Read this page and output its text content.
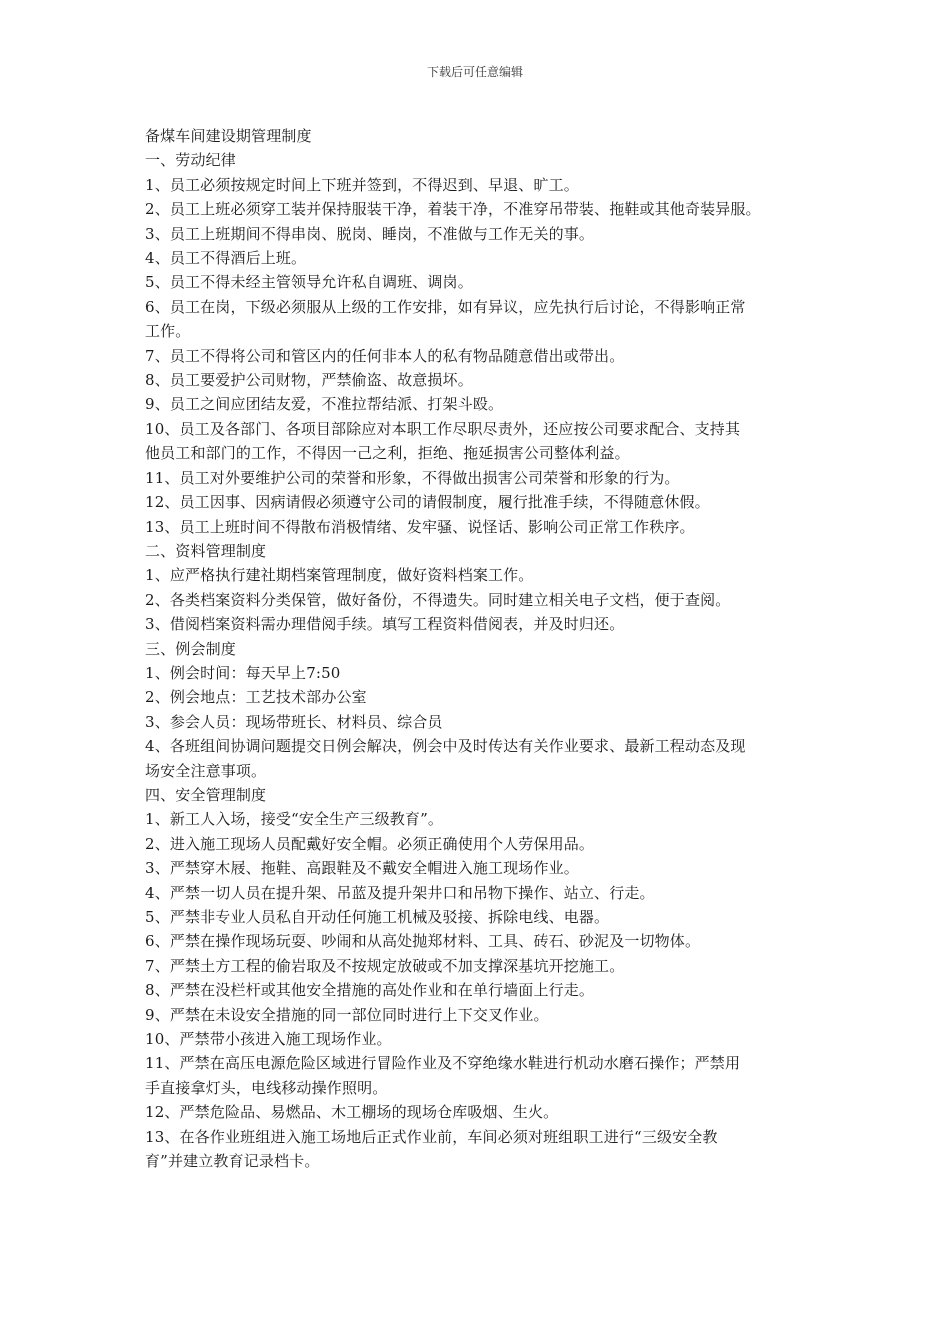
下载后可任意编辑
备煤车间建设期管理制度
一、劳动纪律
1、员工必须按规定时间上下班并签到，不得迟到、早退、旷工。
2、员工上班必须穿工装并保持服装干净，着装干净，不准穿吊带装、拖鞋或其他奇装异服。
3、员工上班期间不得串岗、脱岗、睡岗，不准做与工作无关的事。
4、员工不得酒后上班。
5、员工不得未经主管领导允许私自调班、调岗。
6、员工在岗，下级必须服从上级的工作安排，如有异议，应先执行后讨论，不得影响正常
工作。
7、员工不得将公司和管区内的任何非本人的私有物品随意借出或带出。
8、员工要爱护公司财物，严禁偷盗、故意损坏。
9、员工之间应团结友爱，不准拉帮结派、打架斗殴。
10、员工及各部门、各项目部除应对本职工作尽职尽责外，还应按公司要求配合、支持其
他员工和部门的工作，不得因一己之利，拒绝、拖延损害公司整体利益。
11、员工对外要维护公司的荣誉和形象，不得做出损害公司荣誉和形象的行为。
12、员工因事、因病请假必须遵守公司的请假制度，履行批准手续，不得随意休假。
13、员工上班时间不得散布消极情绪、发牢骚、说怪话、影响公司正常工作秩序。
二、资料管理制度
1、应严格执行建社期档案管理制度，做好资料档案工作。
2、各类档案资料分类保管，做好备份，不得遗失。同时建立相关电子文档，便于查阅。
3、借阅档案资料需办理借阅手续。填写工程资料借阅表，并及时归还。
三、例会制度
1、例会时间：每天早上7:50
2、例会地点：工艺技术部办公室
3、参会人员：现场带班长、材料员、综合员
4、各班组间协调问题提交日例会解决，例会中及时传达有关作业要求、最新工程动态及现
场安全注意事项。
四、安全管理制度
1、新工人入场，接受“安全生产三级教育”。
2、进入施工现场人员配戴好安全帽。必须正确使用个人劳保用品。
3、严禁穿木屐、拖鞋、高跟鞋及不戴安全帽进入施工现场作业。
4、严禁一切人员在提升架、吊蓝及提升架井口和吊物下操作、站立、行走。
5、严禁非专业人员私自开动任何施工机械及驳接、拆除电线、电器。
6、严禁在操作现场玩耍、吵闹和从高处抛郑材料、工具、砖石、砂泥及一切物体。
7、严禁土方工程的偷岩取及不按规定放破或不加支撑深基坑开挖施工。
8、严禁在没栏杆或其他安全措施的高处作业和在单行墙面上行走。
9、严禁在未设安全措施的同一部位同时进行上下交叉作业。
10、严禁带小孩进入施工现场作业。
11、严禁在高压电源危险区域进行冒险作业及不穿绝缘水鞋进行机动水磨石操作；严禁用
手直接拿灯头，电线移动操作照明。
12、严禁危险品、易燃品、木工棚场的现场仓库吸烟、生火。
13、在各作业班组进入施工场地后正式作业前，车间必须对班组职工进行“三级安全教
育”并建立教育记录档卡。
